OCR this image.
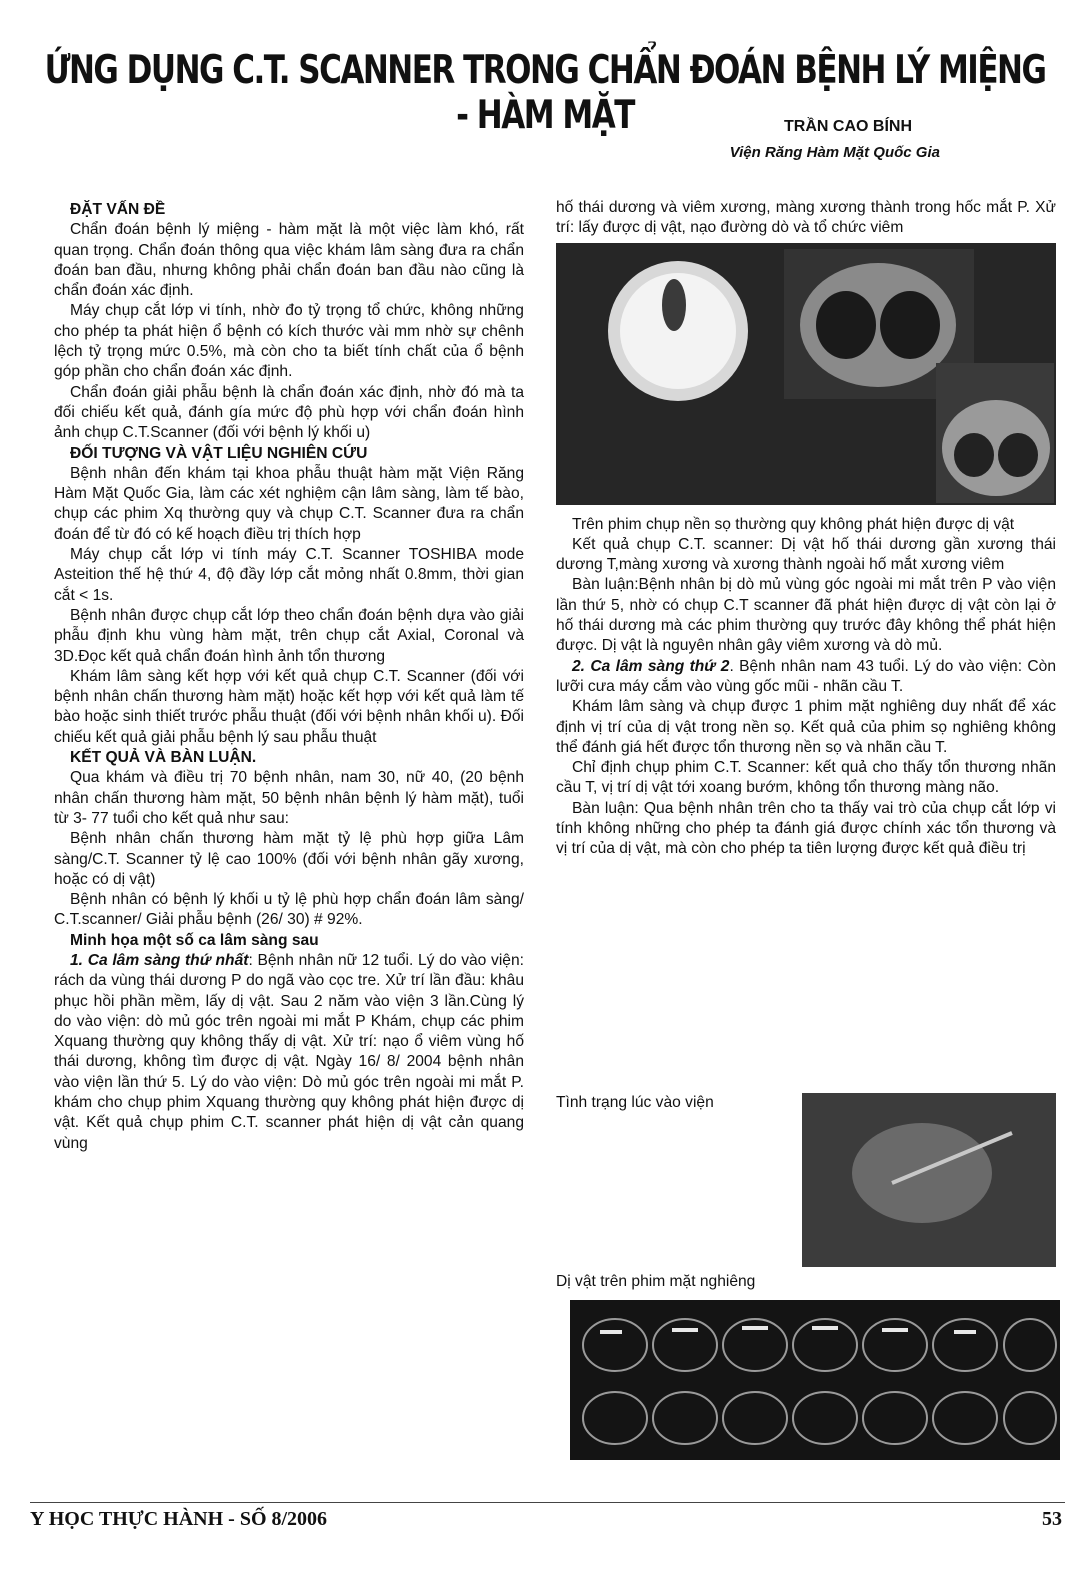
ỨNG DỤNG C.T. SCANNER TRONG CHẨN ĐOÁN BỆNH LÝ MIỆNG - HÀM MẶT	TRẦN CAO BÍNH
Viện Răng Hàm Mặt Quốc Gia
ĐẶT VẤN ĐỀ

Chẩn đoán bệnh lý miệng - hàm mặt là một việc làm khó, rất quan trọng. Chẩn đoán thông qua việc khám lâm sàng đưa ra chẩn đoán ban đầu, nhưng không phải chẩn đoán ban đầu nào cũng là chẩn đoán xác định.

Máy chụp cắt lớp vi tính, nhờ đo tỷ trọng tổ chức, không những cho phép ta phát hiện ổ bệnh có kích thước vài mm nhờ sự chênh lệch tỷ trọng mức 0.5%, mà còn cho ta biết tính chất của ổ bệnh góp phần cho chẩn đoán xác định.

Chẩn đoán giải phẫu bệnh là chẩn đoán xác định, nhờ đó mà ta đối chiếu kết quả, đánh gía mức độ phù hợp với chẩn đoán hình ảnh chụp C.T.Scanner (đối với bệnh lý khối u)

ĐỐI TƯỢNG VÀ VẬT LIỆU NGHIÊN CỨU

Bệnh nhân đến khám tại khoa phẫu thuật hàm mặt Viện Răng Hàm Mặt Quốc Gia, làm các xét nghiệm cận lâm sàng, làm tế bào, chụp các phim Xq thường quy và chụp C.T. Scanner đưa ra chẩn đoán để từ đó có kế hoạch điều trị thích hợp

Máy chụp cắt lớp vi tính máy C.T. Scanner TOSHIBA mode Asteition thế hệ thứ 4, độ đầy lớp cắt mỏng nhất 0.8mm, thời gian cắt < 1s.

Bệnh nhân được chụp cắt lớp theo chẩn đoán bệnh dựa vào giải phẫu định khu vùng hàm mặt, trên chụp cắt Axial, Coronal và 3D.Đọc kết quả chẩn đoán hình ảnh tổn thương

Khám lâm sàng kết hợp với kết quả chụp C.T. Scanner (đối với bệnh nhân chấn thương hàm mặt) hoặc kết hợp với kết quả làm tế bào hoặc sinh thiết trước phẫu thuật (đối với bệnh nhân khối u). Đối chiếu kết quả giải phẫu bệnh lý sau phẫu thuật

KẾT QUẢ VÀ BÀN LUẬN.

Qua khám và điều trị 70 bệnh nhân, nam 30, nữ 40, (20 bệnh nhân chấn thương hàm mặt, 50 bệnh nhân bệnh lý hàm mặt), tuổi từ 3- 77 tuổi cho kết quả như sau:

Bệnh nhân chấn thương hàm mặt tỷ lệ phù hợp giữa Lâm sàng/C.T. Scanner tỷ lệ cao 100% (đối với bệnh nhân gãy xương, hoặc có dị vật)

Bệnh nhân có bệnh lý khối u tỷ lệ phù hợp chẩn đoán lâm sàng/ C.T.scanner/ Giải phẫu bệnh (26/ 30) # 92%.

Minh họa một số ca lâm sàng sau

1. Ca lâm sàng thứ nhất: Bệnh nhân nữ 12 tuổi. Lý do vào viện: rách da vùng thái dương P do ngã vào cọc tre. Xử trí lần đầu: khâu phục hồi phần mềm, lấy dị vật. Sau 2 năm vào viện 3 lần.Cùng lý do vào viện: dò mủ góc trên ngoài mi mắt P Khám, chụp các phim Xquang thường quy không thấy dị vật. Xử trí: nạo ổ viêm vùng hố thái dương, không tìm được dị vật. Ngày 16/ 8/ 2004 bệnh nhân vào viện lần thứ 5. Lý do vào viện: Dò mủ góc trên ngoài mi mắt P. khám cho chụp phim Xquang thường quy không phát hiện được dị vật. Kết quả chụp phim C.T. scanner phát hiện dị vật cản quang vùng

hố thái dương và viêm xương, màng xương thành trong hốc mắt P. Xử trí: lấy được dị vật, nạo đường dò và tổ chức viêm

Trên phim chụp nền sọ thường quy không phát hiện được dị vật

Kết quả chụp C.T. scanner: Dị vật hố thái dương gần xương thái dương T,màng xương và xương thành ngoài hố mắt xương viêm

Bàn luận:Bệnh nhân bị dò mủ vùng góc ngoài mi mắt trên P vào viện lần thứ 5, nhờ có chụp C.T scanner đã phát hiện được dị vật còn lại ở hố thái dương mà các phim thường quy trước đây không thể phát hiện được. Dị vật là nguyên nhân gây viêm xương và dò mủ.

2. Ca lâm sàng thứ 2. Bệnh nhân nam 43 tuổi. Lý do vào viện: Còn lưỡi cưa máy cắm vào vùng gốc mũi - nhãn cầu T.

Khám lâm sàng và chụp được 1 phim mặt nghiêng duy nhất để xác định vị trí của dị vật trong nền sọ. Kết quả của phim sọ nghiêng không thể đánh giá hết được tổn thương nền sọ và nhãn cầu T.

Chỉ định chụp phim C.T. Scanner: kết quả cho thấy tổn thương nhãn cầu T, vị trí dị vật tới xoang bướm, không tổn thương màng não.

Bàn luận: Qua bệnh nhân trên cho ta thấy vai trò của chụp cắt lớp vi tính không những cho phép ta đánh giá được chính xác tổn thương và vị trí của dị vật, mà còn cho phép ta tiên lượng được kết quả điều trị

Tình trạng lúc vào viện
Dị vật trên phim mặt nghiêng
Y HỌC THỰC HÀNH - SỐ 8/2006	53
